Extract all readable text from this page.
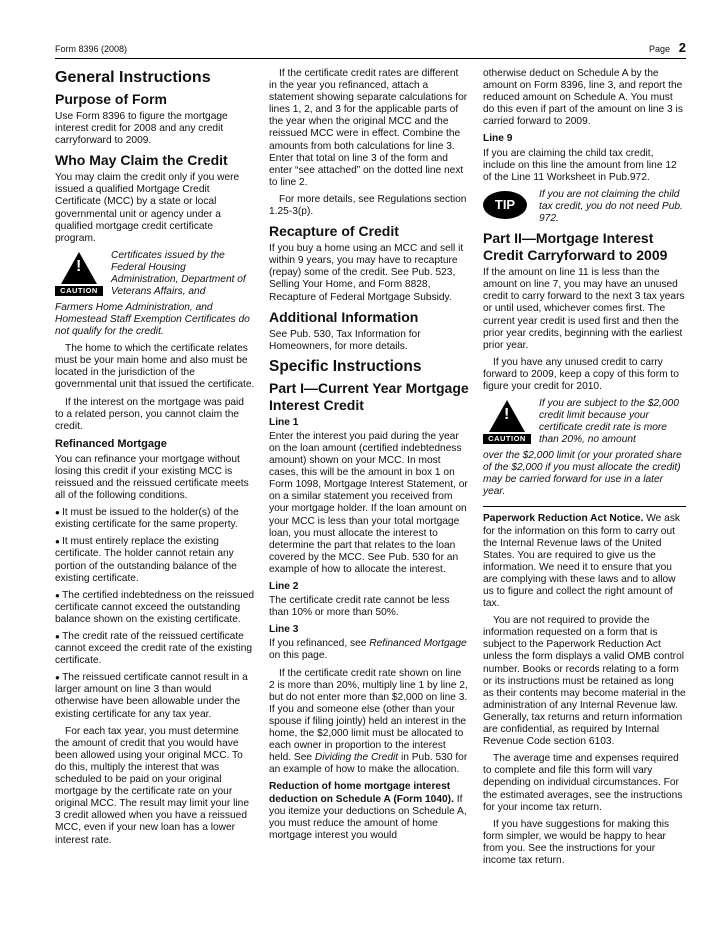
Form 8396 (2008)	Page 2
General Instructions
Purpose of Form

Use Form 8396 to figure the mortgage interest credit for 2008 and any credit carryforward to 2009.

Who May Claim the Credit

You may claim the credit only if you were issued a qualified Mortgage Credit Certificate (MCC) by a state or local governmental unit or agency under a qualified mortgage credit certificate program.

!
CAUTION
Certificates issued by the Federal Housing Administration, Department of Veterans Affairs, and
Farmers Home Administration, and Homestead Staff Exemption Certificates do not qualify for the credit.

The home to which the certificate relates must be your main home and also must be located in the jurisdiction of the governmental unit that issued the certificate.

If the interest on the mortgage was paid to a related person, you cannot claim the credit.

Refinanced Mortgage

You can refinance your mortgage without losing this credit if your existing MCC is reissued and the reissued certificate meets all of the following conditions.

● It must be issued to the holder(s) of the existing certificate for the same property.

● It must entirely replace the existing certificate. The holder cannot retain any portion of the outstanding balance of the existing certificate.

● The certified indebtedness on the reissued certificate cannot exceed the outstanding balance shown on the existing certificate.

● The credit rate of the reissued certificate cannot exceed the credit rate of the existing certificate.

● The reissued certificate cannot result in a larger amount on line 3 than would otherwise have been allowable under the existing certificate for any tax year.

For each tax year, you must determine the amount of credit that you would have been allowed using your original MCC. To do this, multiply the interest that was scheduled to be paid on your original mortgage by the certificate rate on your original MCC. The result may limit your line 3 credit allowed when you have a reissued MCC, even if your new loan has a lower interest rate.

If the certificate credit rates are different in the year you refinanced, attach a statement showing separate calculations for lines 1, 2, and 3 for the applicable parts of the year when the original MCC and the reissued MCC were in effect. Combine the amounts from both calculations for line 3. Enter that total on line 3 of the form and enter “see attached” on the dotted line next to line 2.

For more details, see Regulations section 1.25-3(p).

Recapture of Credit

If you buy a home using an MCC and sell it within 9 years, you may have to recapture (repay) some of the credit. See Pub. 523, Selling Your Home, and Form 8828, Recapture of Federal Mortgage Subsidy.

Additional Information

See Pub. 530, Tax Information for Homeowners, for more details.

Specific Instructions
Part I—Current Year Mortgage Interest Credit
Line 1

Enter the interest you paid during the year on the loan amount (certified indebtedness amount) shown on your MCC. In most cases, this will be the amount in box 1 on Form 1098, Mortgage Interest Statement, or on a similar statement you received from your mortgage holder. If the loan amount on your MCC is less than your total mortgage loan, you must allocate the interest to determine the part that relates to the loan covered by the MCC. See Pub. 530 for an example of how to allocate the interest.

Line 2

The certificate credit rate cannot be less than 10% or more than 50%.

Line 3

If you refinanced, see Refinanced Mortgage on this page.

If the certificate credit rate shown on line 2 is more than 20%, multiply line 1 by line 2, but do not enter more than $2,000 on line 3. If you and someone else (other than your spouse if filing jointly) held an interest in the home, the $2,000 limit must be allocated to each owner in proportion to the interest held. See Dividing the Credit in Pub. 530 for an example of how to make the allocation.

Reduction of home mortgage interest deduction on Schedule A (Form 1040). If you itemize your deductions on Schedule A, you must reduce the amount of home mortgage interest you would

otherwise deduct on Schedule A by the amount on Form 8396, line 3, and report the reduced amount on Schedule A. You must do this even if part of the amount on line 3 is carried forward to 2009.

Line 9

If you are claiming the child tax credit, include on this line the amount from line 12 of the Line 11 Worksheet in Pub.972.

TIP
If you are not claiming the child tax credit, you do not need Pub. 972.
Part II—Mortgage Interest Credit Carryforward to 2009

If the amount on line 11 is less than the amount on line 7, you may have an unused credit to carry forward to the next 3 tax years or until used, whichever comes first. The current year credit is used first and then the prior year credits, beginning with the earliest prior year.

If you have any unused credit to carry forward to 2009, keep a copy of this form to figure your credit for 2010.

!
CAUTION
If you are subject to the $2,000 credit limit because your certificate credit rate is more than 20%, no amount
over the $2,000 limit (or your prorated share of the $2,000 if you must allocate the credit) may be carried forward for use in a later year.

Paperwork Reduction Act Notice. We ask for the information on this form to carry out the Internal Revenue laws of the United States. You are required to give us the information. We need it to ensure that you are complying with these laws and to allow us to figure and collect the right amount of tax.

You are not required to provide the information requested on a form that is subject to the Paperwork Reduction Act unless the form displays a valid OMB control number. Books or records relating to a form or its instructions must be retained as long as their contents may become material in the administration of any Internal Revenue law. Generally, tax returns and return information are confidential, as required by Internal Revenue Code section 6103.

The average time and expenses required to complete and file this form will vary depending on individual circumstances. For the estimated averages, see the instructions for your income tax return.

If you have suggestions for making this form simpler, we would be happy to hear from you. See the instructions for your income tax return.
